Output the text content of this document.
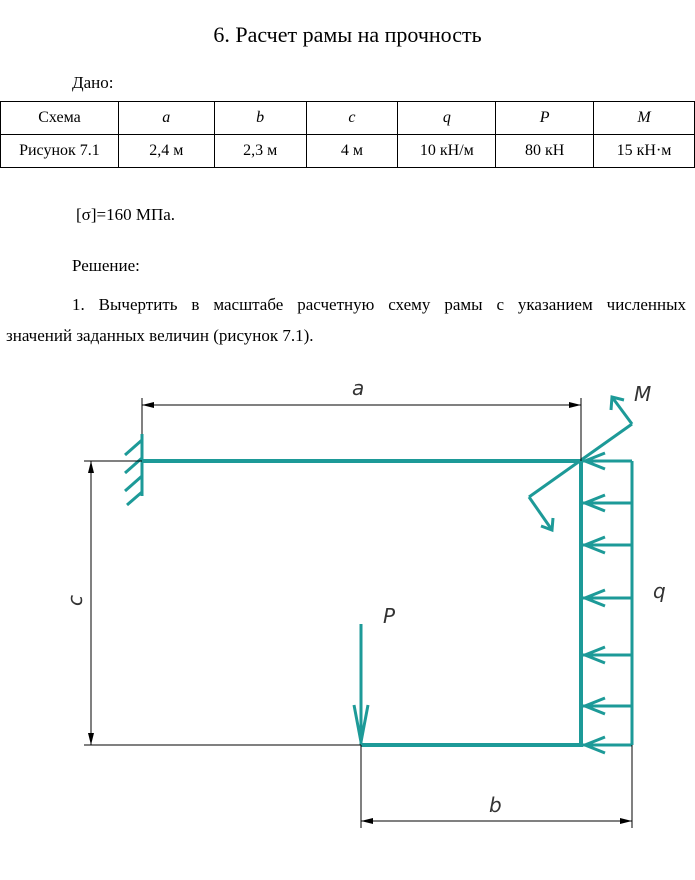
6. Расчет рамы на прочность
Дано:
Схема	a	b	c	q	P	M
Рисунок 7.1	2,4 м	2,3 м	4 м	10 кН/м	80 кН	15 кН·м
[σ]=160 МПа.
Решение:
1. Вычертить в масштабе расчетную схему рамы с указанием численных
значений заданных величин (рисунок 7.1).
a
b
c	q
P
M
